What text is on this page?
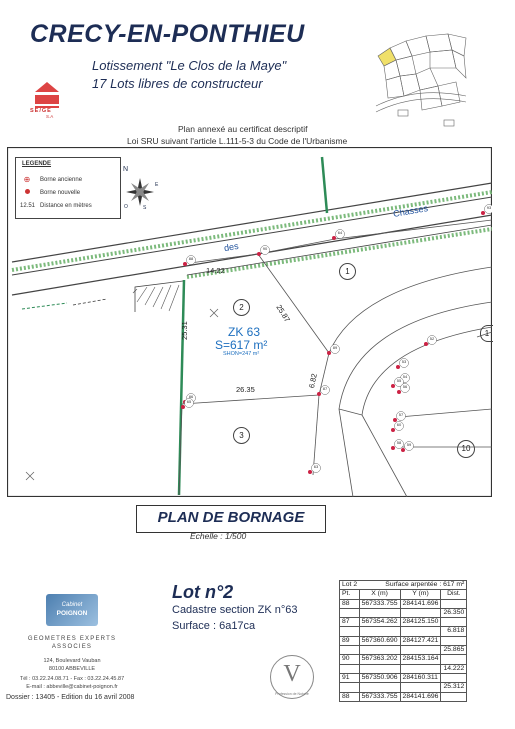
CRECY-EN-PONTHIEU
Lotissement "Le Clos de la Maye"
17 Lots libres de constructeur
Plan annexé au certificat descriptif
Loi SRU suivant l'article L.111-5-3 du Code de l'Urbanisme
SE/GE
S.A
N
E
S
O
LEGENDE
⊕	Borne ancienne
Borne nouvelle
12.51 Distance en mètres
des
Chasses
ZK 63
S=617 m²
SHON=247 m²
1
2
3
10
1
14.22
25.31
25.87
6.82
26.35
93
90
64
88
89
87
86
52
53
54
55
56
57
58	59
60
63
65
PLAN DE BORNAGE
Echelle : 1/500
Lot n°2
Cadastre section ZK n°63
Surface : 6a17ca
Lot 2	Surface arpentée : 617 m²		
Pt.	X (m)	Y (m)	Dist.
88	567333.755	284141.696	
			26.350
87	567354.262	284125.150	
			6.818
89	567360.690	284127.421	
			25.865
90	567363.202	284153.164	
			14.222
91	567350.906	284160.311	
			25.312
88	567333.755	284141.696	
Cabinet
POIGNON
GEOMETRES EXPERTS
ASSOCIES
124, Boulevard Vauban
80100 ABBEVILLE
Tél : 03.22.24.08.71 - Fax : 03.22.24.45.87
E-mail : abbeville@cabinet-poignon.fr
Dossier : 13405 - Edition du 16 avril 2008
V
Profession de Notaire
